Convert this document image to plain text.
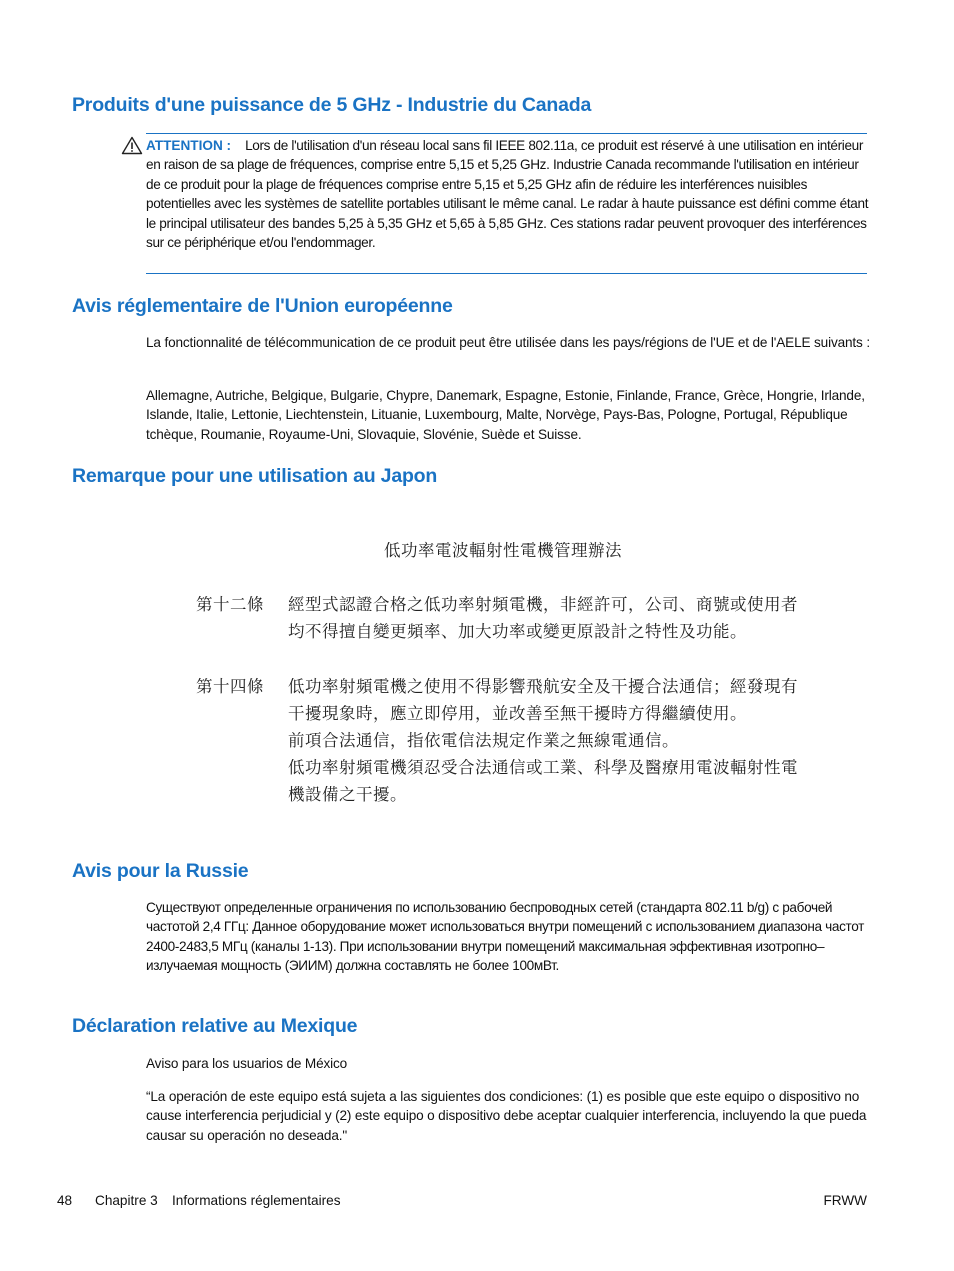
Produits d'une puissance de 5 GHz - Industrie du Canada

ATTENTION : Lors de l'utilisation d'un réseau local sans fil IEEE 802.11a, ce produit est réservé à une utilisation en intérieur en raison de sa plage de fréquences, comprise entre 5,15 et 5,25 GHz. Industrie Canada recommande l'utilisation en intérieur de ce produit pour la plage de fréquences comprise entre 5,15 et 5,25 GHz afin de réduire les interférences nuisibles potentielles avec les systèmes de satellite portables utilisant le même canal. Le radar à haute puissance est défini comme étant le principal utilisateur des bandes 5,25 à 5,35 GHz et 5,65 à 5,85 GHz. Ces stations radar peuvent provoquer des interférences sur ce périphérique et/ou l'endommager.

Avis réglementaire de l'Union européenne

La fonctionnalité de télécommunication de ce produit peut être utilisée dans les pays/régions de l'UE et de l'AELE suivants :

Allemagne, Autriche, Belgique, Bulgarie, Chypre, Danemark, Espagne, Estonie, Finlande, France, Grèce, Hongrie, Irlande, Islande, Italie, Lettonie, Liechtenstein, Lituanie, Luxembourg, Malte, Norvège, Pays-Bas, Pologne, Portugal, République tchèque, Roumanie, Royaume-Uni, Slovaquie, Slovénie, Suède et Suisse.

Remarque pour une utilisation au Japon
低功率電波輻射性電機管理辦法
第十二條 經型式認證合格之低功率射頻電機，非經許可，公司、商號或使用者
均不得擅自變更頻率、加大功率或變更原設計之特性及功能。
第十四條 低功率射頻電機之使用不得影響飛航安全及干擾合法通信；經發現有
干擾現象時，應立即停用，並改善至無干擾時方得繼續使用。
前項合法通信，指依電信法規定作業之無線電通信。
低功率射頻電機須忍受合法通信或工業、科學及醫療用電波輻射性電
機設備之干擾。
Avis pour la Russie

Существуют определенные ограничения по использованию беспроводных сетей (стандарта 802.11 b/g) с рабочей частотой 2,4 ГГц: Данное оборудование может использоваться внутри помещений с использованием диапазона частот 2400-2483,5 МГц (каналы 1-13). При использовании внутри помещений максимальная эффективная изотропно–излучаемая мощность (ЭИИМ) должна составлять не более 100мВт.

Déclaration relative au Mexique

Aviso para los usuarios de México

“La operación de este equipo está sujeta a las siguientes dos condiciones: (1) es posible que este equipo o dispositivo no cause interferencia perjudicial y (2) este equipo o dispositivo debe aceptar cualquier interferencia, incluyendo la que pueda causar su operación no deseada."

48 Chapitre 3 Informations réglementaires	FRWW
